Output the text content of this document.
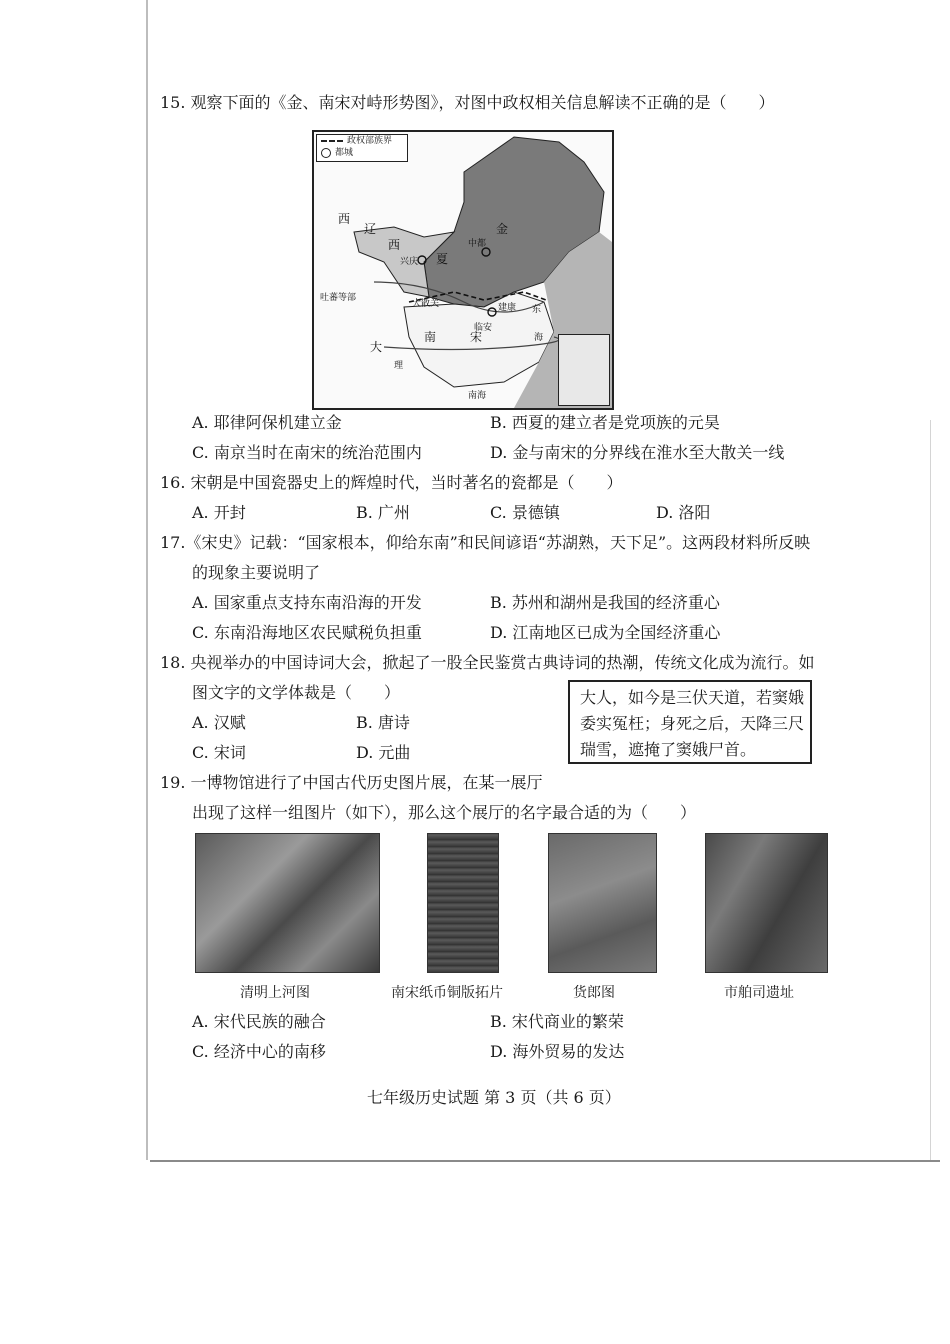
15. 观察下面的《金、南宋对峙形势图》，对图中政权相关信息解读不正确的是（　　）
政权部族界
都城
西
辽
西
夏
金
中都
兴庆
吐蕃等部
大散关	建康
临安
南	宋
大
理
东
海
南海
A. 耶律阿保机建立金	B. 西夏的建立者是党项族的元昊
C. 南京当时在南宋的统治范围内	D. 金与南宋的分界线在淮水至大散关一线
16. 宋朝是中国瓷器史上的辉煌时代，当时著名的瓷都是（　　）
A. 开封	B. 广州	C. 景德镇	D. 洛阳
17.《宋史》记载：“国家根本，仰给东南”和民间谚语“苏湖熟，天下足”。这两段材料所反映
的现象主要说明了
A. 国家重点支持东南沿海的开发	B. 苏州和湖州是我国的经济重心
C. 东南沿海地区农民赋税负担重	D. 江南地区已成为全国经济重心
18. 央视举办的中国诗词大会，掀起了一股全民鉴赏古典诗词的热潮，传统文化成为流行。如
图文字的文学体裁是（　　）
A. 汉赋	B. 唐诗
C. 宋词	D. 元曲
大人，如今是三伏天道，若窦娥
委实冤枉；身死之后，天降三尺
瑞雪，遮掩了窦娥尸首。
19. 一博物馆进行了中国古代历史图片展，在某一展厅
出现了这样一组图片（如下），那么这个展厅的名字最合适的为（　　）
清明上河图	南宋纸币铜版拓片	货郎图	市舶司遗址
A. 宋代民族的融合	B. 宋代商业的繁荣
C. 经济中心的南移	D. 海外贸易的发达
七年级历史试题 第 3 页（共 6 页）
